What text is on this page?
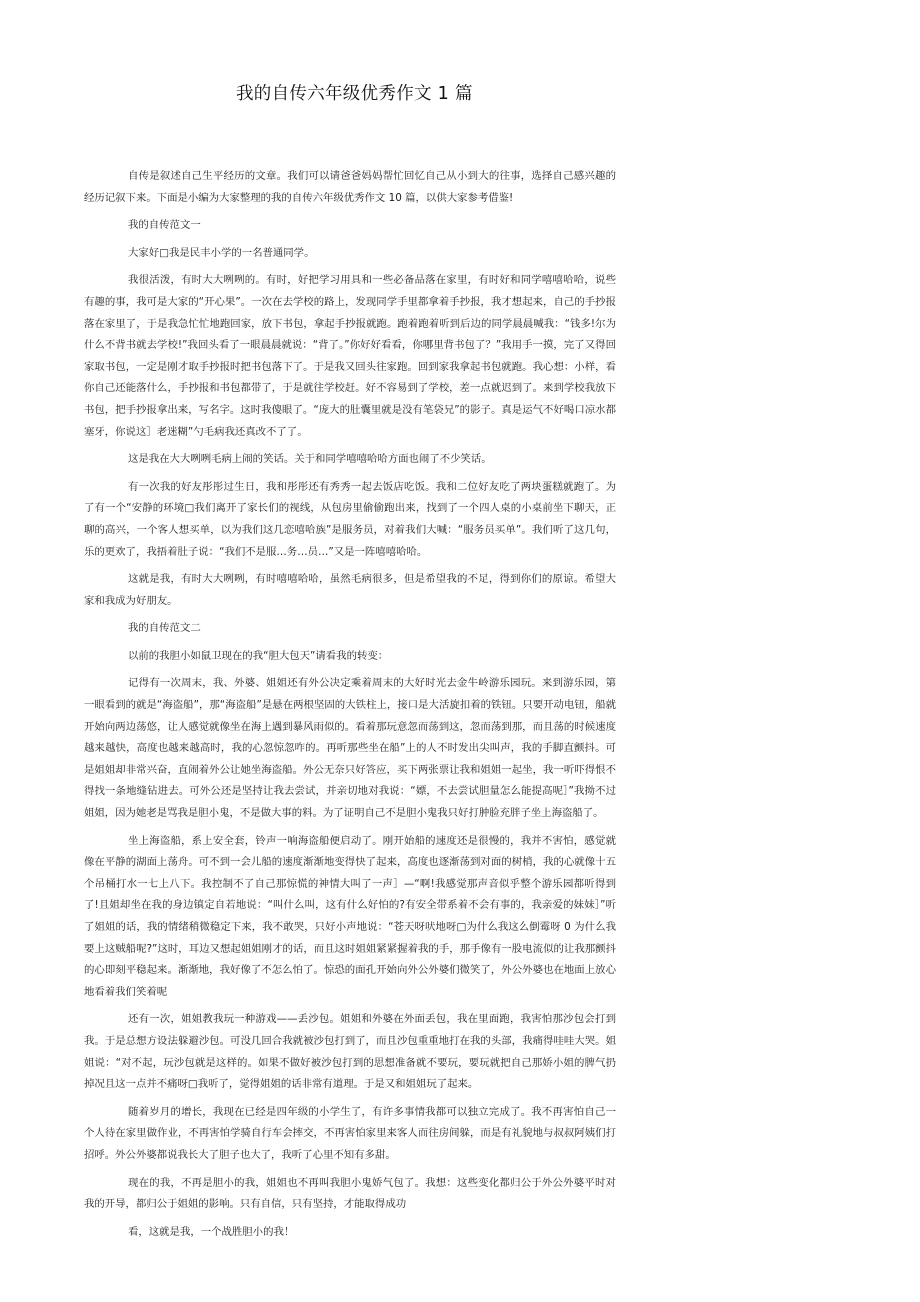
我的自传六年级优秀作文 1 篇

自传是叙述自己生平经历的文章。我们可以请爸爸妈妈帮忙回忆自己从小到大的往事，选择自己感兴趣的经历记叙下来。下面是小编为大家整理的我的自传六年级优秀作文 10 篇，以供大家参考借鉴!

我的自传范文一

大家好□我是民丰小学的一名普通同学。

我很活泼，有时大大咧咧的。有时，好把学习用具和一些必备品落在家里，有时好和同学嘻嘻哈哈，说些有趣的事，我可是大家的“开心果”。一次在去学校的路上，发现同学手里都拿着手抄报，我才想起来，自己的手抄报落在家里了，于是我急忙忙地跑回家，放下书包，拿起手抄报就跑。跑着跑着听到后边的同学晨晨喊我：“钱多!尔为什么不背书就去学校!”我回头看了一眼晨晨就说：“背了。”你好好看看，你哪里背书包了？”我用手一摸，完了又得回家取书包，一定是刚才取手抄报时把书包落下了。于是我又回头往家跑。回到家我拿起书包就跑。我心想：小样，看你自己还能落什么，手抄报和书包都带了，于是就往学校赶。好不容易到了学校，差一点就迟到了。来到学校我放下书包，把手抄报拿出来，写名字。这时我傻眼了。“庞大的肚囊里就是没有笔袋兄”的影子。真是运气不好喝口凉水都塞牙，你说这］老迷糊”勺毛病我还真改不了了。

这是我在大大咧咧毛病上闹的笑话。关于和同学嘻嘻哈哈方面也闹了不少笑话。

有一次我的好友彤彤过生日，我和彤彤还有秀秀一起去饭店吃饭。我和二位好友吃了两块蛋糕就跑了。为了有一个“安静的环境□我们离开了家长们的视线，从包房里偷偷跑出来，找到了一个四人桌的小桌前坐下聊天，正聊的高兴，一个客人想买单，以为我们这几恋嘻哈族”是服务员，对着我们大喊：“服务员买单”。我们听了这几句，乐的更欢了，我捂着肚子说：“我们不是服…务…员…”又是一阵嘻嘻哈哈。

这就是我，有时大大咧咧，有时嘻嘻哈哈，虽然毛病很多，但是希望我的不足，得到你们的原谅。希望大家和我成为好朋友。

我的自传范文二

以前的我胆小如鼠卫现在的我“胆大包天”请看我的转变：

记得有一次周末，我、外婆、姐姐还有外公决定乘着周末的大好时光去金牛岭游乐园玩。来到游乐园，第一眼看到的就是“海盗船”，那“海盗船”是悬在两根坚固的大铁柱上，接口是大活旋扣着的铁钮。只要开动电钮，船就开始向两边荡悠，让人感觉就像坐在海上遇到暴风雨似的。看着那玩意忽而荡到这，忽而荡到那，而且荡的时候速度越来越快，高度也越来越高时，我的心忽惊忽咋的。再听那些坐在船”上的人不时发出尖叫声，我的手脚直颤抖。可是姐姐却非常兴奋，直闹着外公让她坐海盗船。外公无奈只好答应，买下两张票让我和姐姐一起坐，我一听吓得恨不得找一条地缝钻进去。可外公还是坚持让我去尝试，并亲切地对我说：“嫖，不去尝试胆量怎么能提高呢］”我拗不过姐姐，因为她老是骂我是胆小鬼，不是做大事的料。为了证明自己不是胆小鬼我只好打肿脸充胖子坐上海盗船了。

坐上海盗船，系上安全套，铃声一响海盗船便启动了。刚开始船的速度还是很慢的，我并不害怕，感觉就像在平静的湖面上荡舟。可不到一会儿船的速度渐渐地变得快了起来，高度也逐渐荡到对面的树梢，我的心就像十五个吊桶打水一七上八下。我控制不了自己那惊慌的神情大叫了一声］—“啊!我感觉那声音似乎整个游乐园都听得到了!且姐却坐在我的身边镇定自若地说：“叫什么叫，这有什么好怕的?有安全带系着不会有事的，我亲爱的妹妹］”听了姐姐的话，我的情绪稍微稳定下来，我不敢哭，只好小声地说：“苍天呀吠地呀□为什么我这么倒霉呀 0 为什么我要上这贼船呢?”这时，耳边又想起姐姐刚才的话，而且这时姐姐紧紧握着我的手，那手像有一股电流似的让我那颤抖的心即刻平稳起来。渐渐地，我好像了不怎么怕了。惊恐的面孔开始向外公外婆们微笑了，外公外婆也在地面上放心地看着我们笑着呢

还有一次，姐姐教我玩一种游戏——丢沙包。姐姐和外婆在外面丢包，我在里面跑，我害怕那沙包会打到我。于是总想方设法躲避沙包。可没几回合我就被沙包打到了，而且沙包重重地打在我的头部，我痛得哇哇大哭。姐姐说：“对不起，玩沙包就是这样的。如果不做好被沙包打到的思想准备就不要玩，要玩就把自己那娇小姐的脾气扔掉况且这一点并不痛呀□我听了，觉得姐姐的话非常有道理。于是又和姐姐玩了起来。

随着岁月的增长，我现在已经是四年级的小学生了，有许多事情我都可以独立完成了。我不再害怕自己一个人待在家里做作业，不再害怕学骑自行车会摔交，不再害怕家里来客人而往房间躲，而是有礼貌地与叔叔阿姨们打招呼。外公外婆都说我长大了胆子也大了，我听了心里不知有多甜。

现在的我，不再是胆小的我，姐姐也不再叫我胆小鬼娇气包了。我想：这些变化都归公于外公外婆平时对我的开导，都归公于姐姐的影响。只有自信，只有坚持，才能取得成功

看，这就是我，一个战胜胆小的我！
